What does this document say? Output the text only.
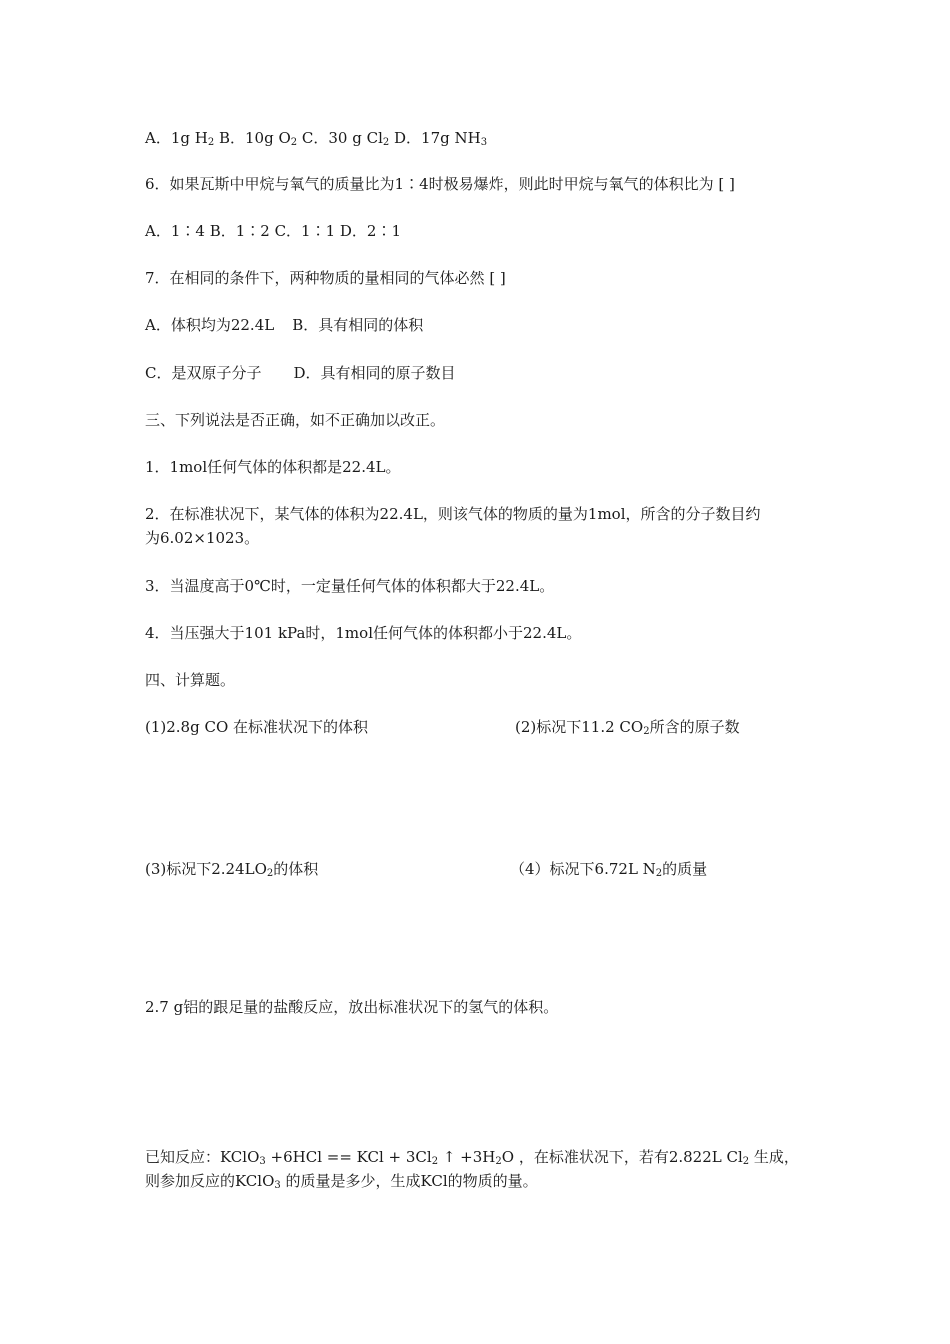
A．1g $H_2$ B．10g $O_2$ C．30 g $Cl_2$ D．17g $NH_3$
6．如果瓦斯中甲烷与氧气的质量比为1∶4时极易爆炸，则此时甲烷与氧气的体积比为 [ ]
A．1∶4 B．1∶2 C．1∶1 D．2∶1
7．在相同的条件下，两种物质的量相同的气体必然 [ ]
A．体积均为22.4L B．具有相同的体积
C．是双原子分子 D．具有相同的原子数目
三、下列说法是否正确，如不正确加以改正。
1．1mol任何气体的体积都是22.4L。
2．在标准状况下，某气体的体积为22.4L，则该气体的物质的量为1mol，所含的分子数目约
为6.02×1023。
3．当温度高于0℃时，一定量任何气体的体积都大于22.4L。
4．当压强大于101 kPa时，1mol任何气体的体积都小于22.4L。
四、计算题。
(1)2.8g CO 在标准状况下的体积	(2)标况下11.2 $CO_2$所含的原子数
(3)标况下$2.24LO_2$的体积	（4）标况下6.72L $N_2$的质量
2.7 g铝的跟足量的盐酸反应，放出标准状况下的氢气的体积。
已知反应：KClO$_3$ +6HCl == KCl + $3Cl_2$ ↑ $+3H_2O$ ，在标准状况下，若有2.822L $Cl_2$ 生成，
则参加反应的KClO$_3$ 的质量是多少，生成KCl的物质的量。
